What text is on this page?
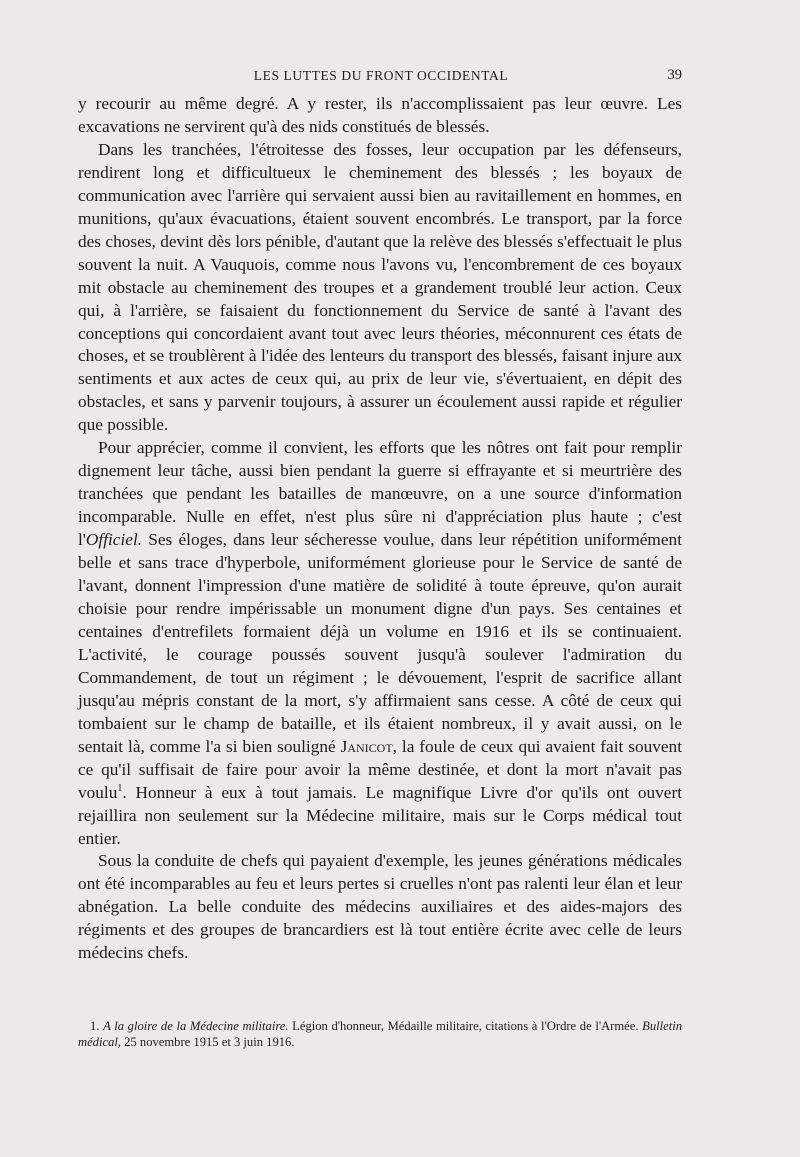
LES LUTTES DU FRONT OCCIDENTAL	39

y recourir au même degré. A y rester, ils n'accomplissaient pas leur œuvre. Les excavations ne servirent qu'à des nids constitués de blessés.

Dans les tranchées, l'étroitesse des fosses, leur occupation par les défenseurs, rendirent long et difficultueux le cheminement des blessés ; les boyaux de communication avec l'arrière qui servaient aussi bien au ravitaillement en hommes, en munitions, qu'aux évacuations, étaient souvent encombrés. Le transport, par la force des choses, devint dès lors pénible, d'autant que la relève des blessés s'effectuait le plus souvent la nuit. A Vauquois, comme nous l'avons vu, l'encombrement de ces boyaux mit obstacle au cheminement des troupes et a grandement troublé leur action. Ceux qui, à l'arrière, se faisaient du fonctionnement du Service de santé à l'avant des conceptions qui concordaient avant tout avec leurs théories, méconnurent ces états de choses, et se troublèrent à l'idée des lenteurs du transport des blessés, faisant injure aux sentiments et aux actes de ceux qui, au prix de leur vie, s'évertuaient, en dépit des obstacles, et sans y parvenir toujours, à assurer un écoulement aussi rapide et régulier que possible.

Pour apprécier, comme il convient, les efforts que les nôtres ont fait pour remplir dignement leur tâche, aussi bien pendant la guerre si effrayante et si meurtrière des tranchées que pendant les batailles de manœuvre, on a une source d'information incomparable. Nulle en effet, n'est plus sûre ni d'appréciation plus haute ; c'est l'Officiel. Ses éloges, dans leur sécheresse voulue, dans leur répétition uniformément belle et sans trace d'hyperbole, uniformément glorieuse pour le Service de santé de l'avant, donnent l'impression d'une matière de solidité à toute épreuve, qu'on aurait choisie pour rendre impérissable un monument digne d'un pays. Ses centaines et centaines d'entrefilets formaient déjà un volume en 1916 et ils se continuaient. L'activité, le courage poussés souvent jusqu'à soulever l'admiration du Commandement, de tout un régiment ; le dévouement, l'esprit de sacrifice allant jusqu'au mépris constant de la mort, s'y affirmaient sans cesse. A côté de ceux qui tombaient sur le champ de bataille, et ils étaient nombreux, il y avait aussi, on le sentait là, comme l'a si bien souligné Janicot, la foule de ceux qui avaient fait souvent ce qu'il suffisait de faire pour avoir la même destinée, et dont la mort n'avait pas voulu$^1$. Honneur à eux à tout jamais. Le magnifique Livre d'or qu'ils ont ouvert rejaillira non seulement sur la Médecine militaire, mais sur le Corps médical tout entier.

Sous la conduite de chefs qui payaient d'exemple, les jeunes générations médicales ont été incomparables au feu et leurs pertes si cruelles n'ont pas ralenti leur élan et leur abnégation. La belle conduite des médecins auxiliaires et des aides-majors des régiments et des groupes de brancardiers est là tout entière écrite avec celle de leurs médecins chefs.

1. A la gloire de la Médecine militaire. Légion d'honneur, Médaille militaire, citations à l'Ordre de l'Armée. Bulletin médical, 25 novembre 1915 et 3 juin 1916.
